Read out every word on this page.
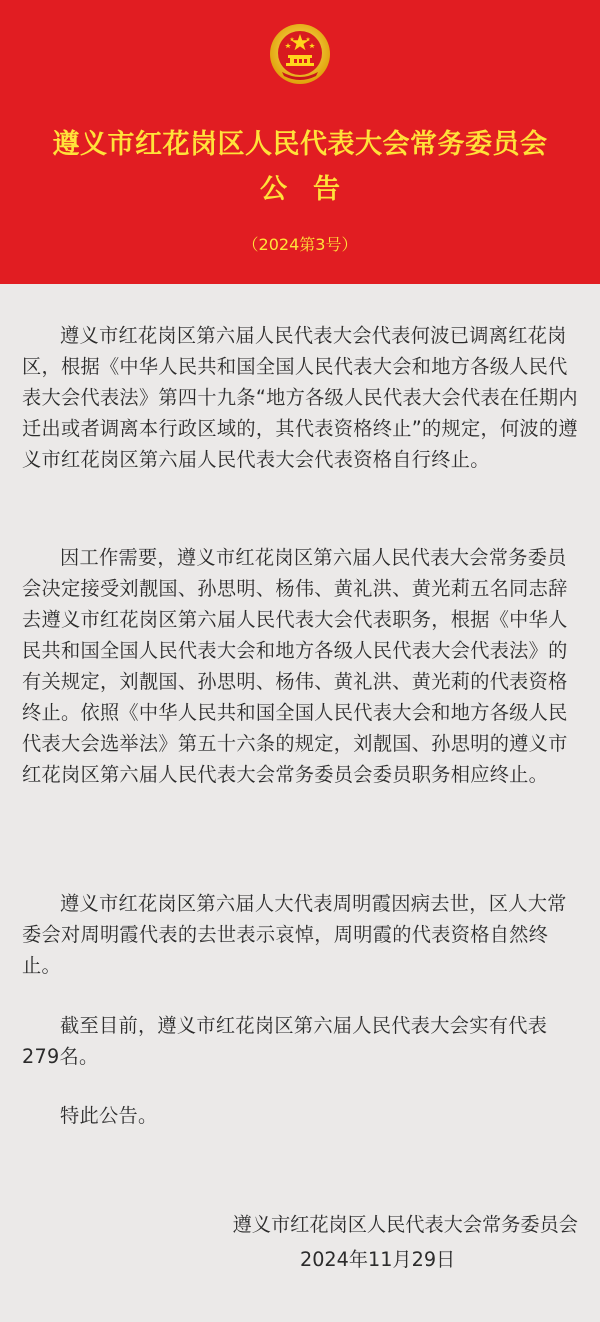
遵义市红花岗区人民代表大会常务委员会
公告
（2024第3号）

遵义市红花岗区第六届人民代表大会代表何波已调离红花岗区，根据《中华人民共和国全国人民代表大会和地方各级人民代表大会代表法》第四十九条“地方各级人民代表大会代表在任期内迁出或者调离本行政区域的，其代表资格终止”的规定，何波的遵义市红花岗区第六届人民代表大会代表资格自行终止。

因工作需要，遵义市红花岗区第六届人民代表大会常务委员会决定接受刘靓国、孙思明、杨伟、黄礼洪、黄光莉五名同志辞去遵义市红花岗区第六届人民代表大会代表职务，根据《中华人民共和国全国人民代表大会和地方各级人民代表大会代表法》的有关规定，刘靓国、孙思明、杨伟、黄礼洪、黄光莉的代表资格终止。依照《中华人民共和国全国人民代表大会和地方各级人民代表大会选举法》第五十六条的规定，刘靓国、孙思明的遵义市红花岗区第六届人民代表大会常务委员会委员职务相应终止。

遵义市红花岗区第六届人大代表周明霞因病去世，区人大常委会对周明霞代表的去世表示哀悼，周明霞的代表资格自然终止。

截至目前，遵义市红花岗区第六届人民代表大会实有代表279名。

特此公告。

遵义市红花岗区人民代表大会常务委员会
2024年11月29日
